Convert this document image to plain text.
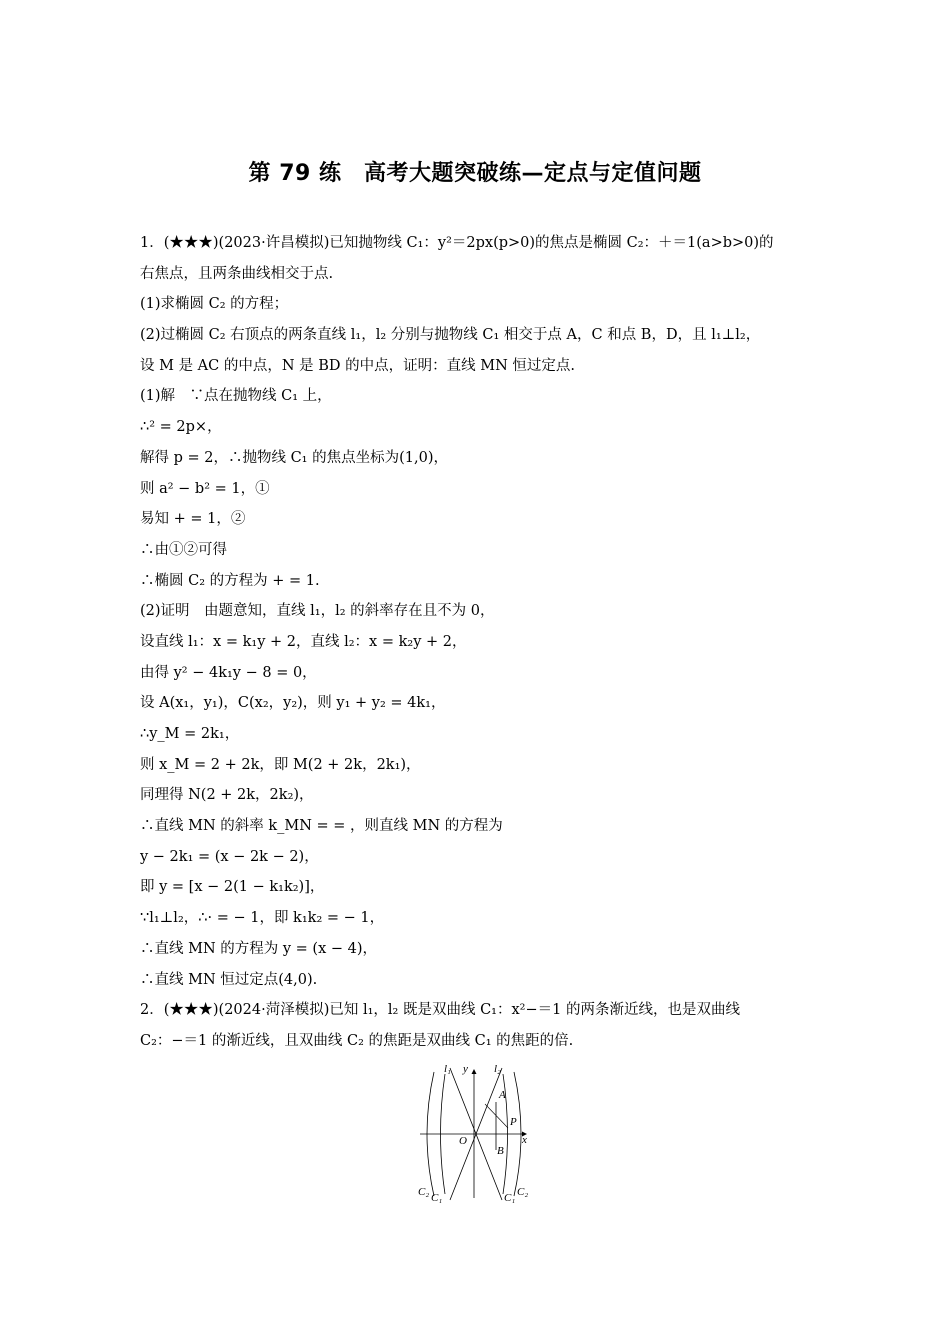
第 79 练　高考大题突破练—定点与定值问题
1．(★★★)(2023·许昌模拟)已知抛物线 C₁：y²＝2px(p>0)的焦点是椭圆 C₂：＋＝1(a>b>0)的
右焦点，且两条曲线相交于点.
(1)求椭圆 C₂ 的方程；
(2)过椭圆 C₂ 右顶点的两条直线 l₁，l₂ 分别与抛物线 C₁ 相交于点 A，C 和点 B，D，且 l₁⊥l₂，
设 M 是 AC 的中点，N 是 BD 的中点，证明：直线 MN 恒过定点.
(1)解　∵点在抛物线 C₁ 上，
∴² = 2p×，
解得 p = 2，∴抛物线 C₁ 的焦点坐标为(1,0)，
则 a² − b² = 1，①
易知 + = 1，②
∴由①②可得
∴椭圆 C₂ 的方程为 + = 1.
(2)证明　由题意知，直线 l₁，l₂ 的斜率存在且不为 0，
设直线 l₁：x = k₁y + 2，直线 l₂：x = k₂y + 2，
由得 y² − 4k₁y − 8 = 0，
设 A(x₁，y₁)，C(x₂，y₂)，则 y₁ + y₂ = 4k₁，
∴y_M = 2k₁，
则 x_M = 2 + 2k，即 M(2 + 2k，2k₁)，
同理得 N(2 + 2k，2k₂)，
∴直线 MN 的斜率 k_MN = = ，则直线 MN 的方程为
y − 2k₁ = (x − 2k − 2)，
即 y = [x − 2(1 − k₁k₂)]，
∵l₁⊥l₂，∴· = − 1，即 k₁k₂ = − 1，
∴直线 MN 的方程为 y = (x − 4)，
∴直线 MN 恒过定点(4,0).
2．(★★★)(2024·菏泽模拟)已知 l₁，l₂ 既是双曲线 C₁：x²−＝1 的两条渐近线，也是双曲线
C₂：−＝1 的渐近线，且双曲线 C₂ 的焦距是双曲线 C₁ 的焦距的倍.
l₁ y l₂
A
P
O	x
B
C₂ C₁	C₁ C₂
